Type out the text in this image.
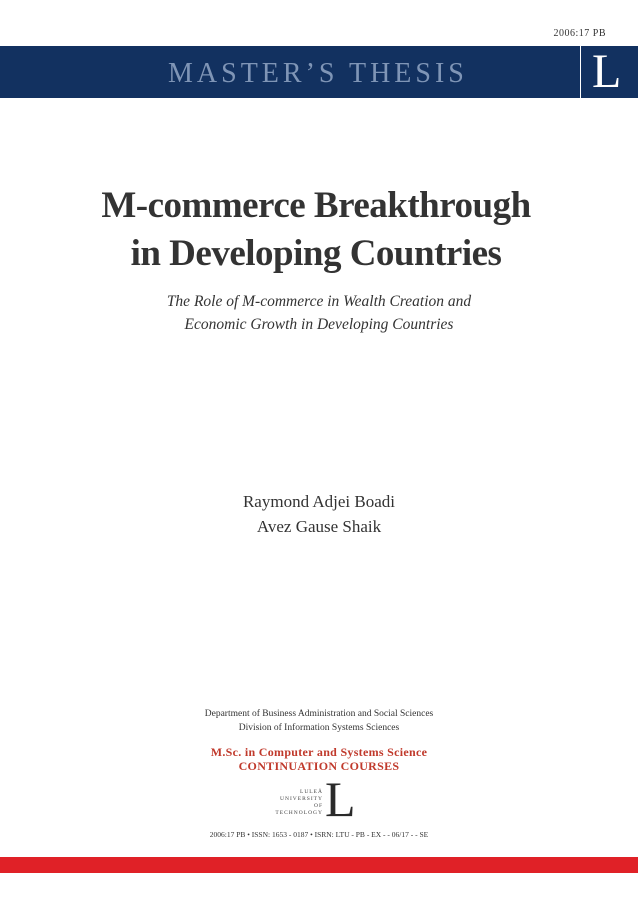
2006:17 PB
MASTER’S THESIS	L
M-commerce Breakthrough
in Developing Countries
The Role of M-commerce in Wealth Creation and
Economic Growth in Developing Countries
Raymond Adjei Boadi
Avez Gause Shaik
Department of Business Administration and Social Sciences
Division of Information Systems Sciences
M.Sc. in Computer and Systems Science
CONTINUATION COURSES
LULEÅ
UNIVERSITY
OF TECHNOLOGY L
2006:17 PB • ISSN: 1653 - 0187 • ISRN: LTU - PB - EX - - 06/17 - - SE
